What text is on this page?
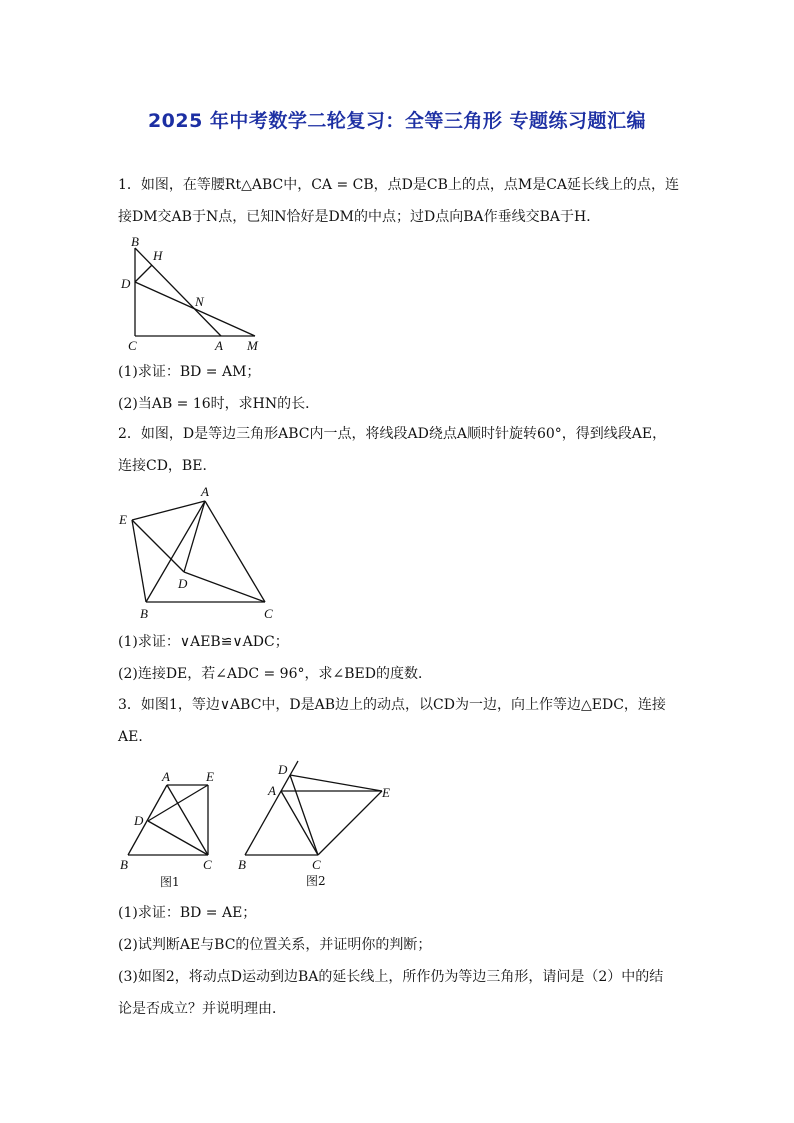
2025 年中考数学二轮复习：全等三角形 专题练习题汇编
1．如图，在等腰Rt△ABC中，CA = CB，点D是CB上的点，点M是CA延长线上的点，连
接DM交AB于N点，已知N恰好是DM的中点；过D点向BA作垂线交BA于H．
B
H
D
N
C	A M
(1)求证：BD = AM；
(2)当AB = 16时，求HN的长．
2．如图，D是等边三角形ABC内一点，将线段AD绕点A顺时针旋转60°，得到线段AE，
连接CD，BE．
A
E
D
B	C
(1)求证：∨AEB≌∨ADC；
(2)连接DE，若∠ADC = 96°，求∠BED的度数．
3．如图1，等边∨ABC中，D是AB边上的动点，以CD为一边，向上作等边△EDC，连接
AE．
A	E
D
B	C
图1
D
A	E
B	C
图2
(1)求证：BD = AE；
(2)试判断AE与BC的位置关系，并证明你的判断；
(3)如图2，将动点D运动到边BA的延长线上，所作仍为等边三角形，请问是（2）中的结
论是否成立？并说明理由．
